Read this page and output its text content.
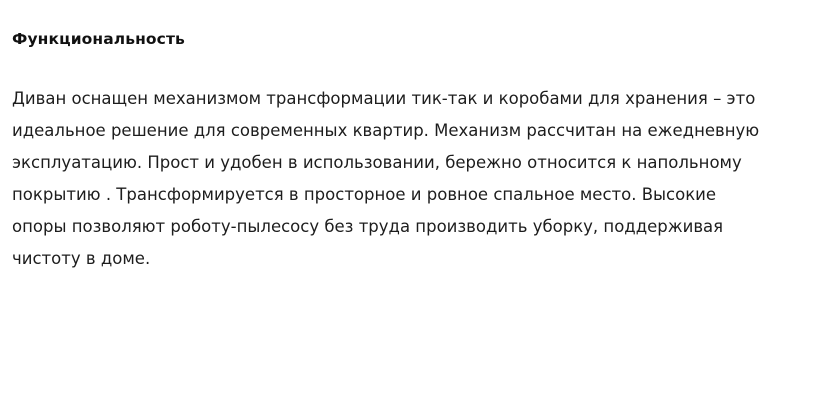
Функциональность

Диван оснащен механизмом трансформации тик-так и коробами для хранения – это идеальное решение для современных квартир. Механизм рассчитан на ежедневную эксплуатацию. Прост и удобен в использовании, бережно относится к напольному покрытию . Трансформируется в просторное и ровное спальное место. Высокие опоры позволяют роботу-пылесосу без труда производить уборку, поддерживая чистоту в доме.
